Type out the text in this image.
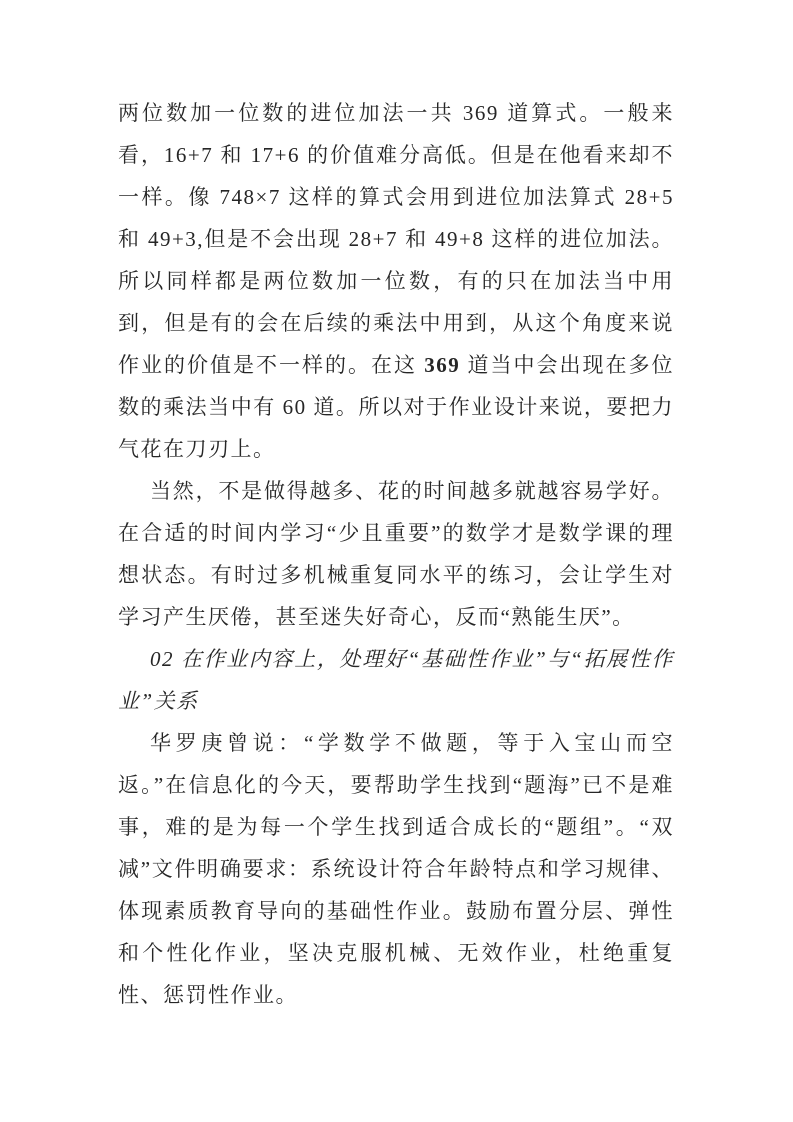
两位数加一位数的进位加法一共 369 道算式。一般来看，16+7 和 17+6 的价值难分高低。但是在他看来却不一样。像 748×7 这样的算式会用到进位加法算式 28+5 和 49+3,但是不会出现 28+7 和 49+8 这样的进位加法。所以同样都是两位数加一位数，有的只在加法当中用到，但是有的会在后续的乘法中用到，从这个角度来说作业的价值是不一样的。在这 369 道当中会出现在多位数的乘法当中有 60 道。所以对于作业设计来说，要把力气花在刀刃上。

当然，不是做得越多、花的时间越多就越容易学好。在合适的时间内学习“少且重要”的数学才是数学课的理想状态。有时过多机械重复同水平的练习，会让学生对学习产生厌倦，甚至迷失好奇心，反而“熟能生厌”。

02 在作业内容上，处理好“基础性作业”与“拓展性作业”关系

华罗庚曾说：“学数学不做题，等于入宝山而空返。”在信息化的今天，要帮助学生找到“题海”已不是难事，难的是为每一个学生找到适合成长的“题组”。“双减”文件明确要求：系统设计符合年龄特点和学习规律、体现素质教育导向的基础性作业。鼓励布置分层、弹性和个性化作业，坚决克服机械、无效作业，杜绝重复性、惩罚性作业。
